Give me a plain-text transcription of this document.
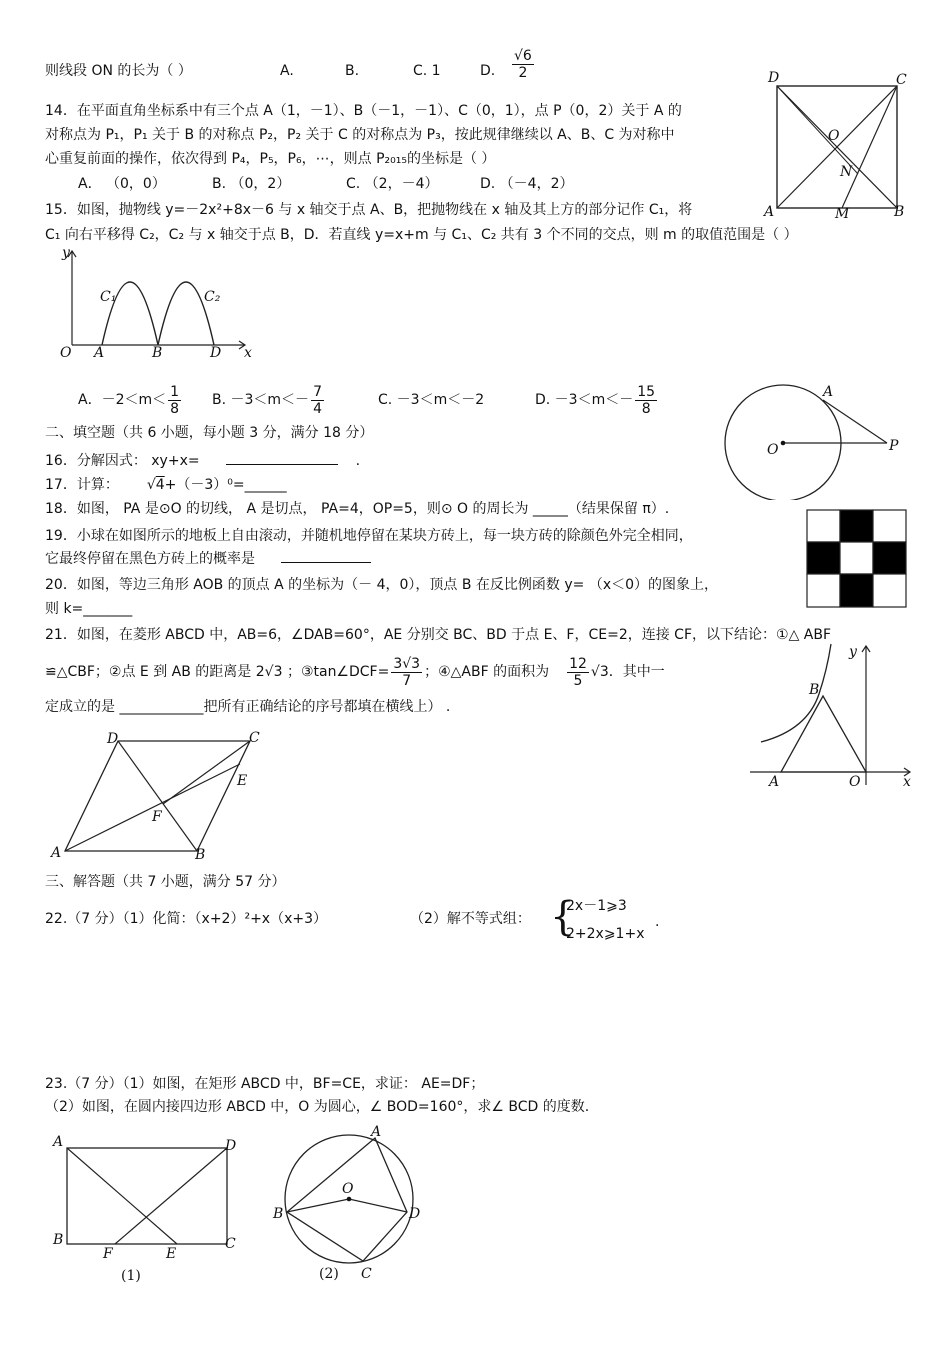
则线段 ON 的长为（ ）	A.	B.	C. 1	D. $\frac{√6}{2}$	D	C
O
N
A	M	B
14．在平面直角坐标系中有三个点 A（1，－1）、B（－1，－1）、C（0，1），点 P（0，2）关于 A 的
对称点为 P₁，P₁ 关于 B 的对称点 P₂，P₂ 关于 C 的对称点为 P₃，按此规律继续以 A、B、C 为对称中
心重复前面的操作，依次得到 P₄，P₅，P₆，⋯，则点 P₂₀₁₅的坐标是（ ）
A． （0，0）	B. （0，2）	C. （2，－4）	D. （－4，2）
15．如图，抛物线 y=－2x²+8x－6 与 x 轴交于点 A、B，把抛物线在 x 轴及其上方的部分记作 C₁，将
C₁ 向右平移得 C₂，C₂ 与 x 轴交于点 B，D．若直线 y=x+m 与 C₁、C₂ 共有 3 个不同的交点，则 m 的取值范围是（ ）
y
C₁	C₂
O A	B	D x
A．$-2<m< \frac{1}{8} B$. $-3<m<- \frac{7}{4}$	C. －3＜m＜－2	D. $-3<m<- \frac{15}{8}$	A
O	P
二、填空题（共 6 小题，每小题 3 分，满分 18 分）
16．分解因式： xy+x=	.
17．计算： √4+（－3）⁰=______
18．如图， PA 是⊙O 的切线， A 是切点， PA=4，OP=5，则⊙ O 的周长为 _____（结果保留 π）.
19．小球在如图所示的地板上自由滚动，并随机地停留在某块方砖上，每一块方砖的除颜色外完全相同，
它最终停留在黑色方砖上的概率是
20．如图，等边三角形 AOB 的顶点 A 的坐标为（－ 4，0），顶点 B 在反比例函数 y= （x＜0）的图象上，
则 k=_______
21．如图，在菱形 ABCD 中，AB=6，∠DAB=60°，AE 分别交 BC、BD 于点 E、F，CE=2，连接 CF，以下结论：①△ ABF
≌△CBF；②点 E 到 AB 的距离是 2√3 ；③tan∠DCF= $\frac{3√3}{7}$ ；④△ABF 的面积为 $\frac{12}{5} √3$．其中一
定成立的是 ____________把所有正确结论的序号都填在横线上） .
y
B
A	O	x
D	C
E
F
A	B
三、解答题（共 7 小题，满分 57 分）
22.（7 分）（1）化简：（x+2）²+x（x+3）	（2）解不等式组： {
2x－1⩾3
2+2x⩾1+x
.
23.（7 分）（1）如图，在矩形 ABCD 中，BF=CE，求证： AE=DF；
（2）如图，在圆内接四边形 ABCD 中，O 为圆心，∠ BOD=160°，求∠ BCD 的度数.
A	D
B
F	E
C
(1)
A
O
B	D
C
(2)
